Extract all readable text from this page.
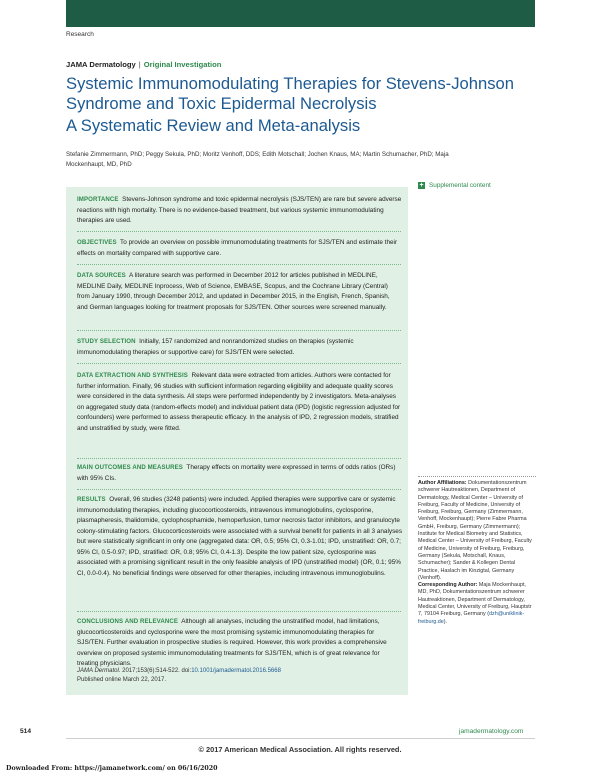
Research
JAMA Dermatology | Original Investigation
Systemic Immunomodulating Therapies for Stevens-Johnson Syndrome and Toxic Epidermal Necrolysis
A Systematic Review and Meta-analysis
Stefanie Zimmermann, PhD; Peggy Sekula, PhD; Moritz Venhoff, DDS; Edith Motschall; Jochen Knaus, MA; Martin Schumacher, PhD; Maja Mockenhaupt, MD, PhD
+ Supplemental content
IMPORTANCE Stevens-Johnson syndrome and toxic epidermal necrolysis (SJS/TEN) are rare but severe adverse reactions with high mortality. There is no evidence-based treatment, but various systemic immunomodulating therapies are used.
OBJECTIVES To provide an overview on possible immunomodulating treatments for SJS/TEN and estimate their effects on mortality compared with supportive care.
DATA SOURCES A literature search was performed in December 2012 for articles published in MEDLINE, MEDLINE Daily, MEDLINE Inprocess, Web of Science, EMBASE, Scopus, and the Cochrane Library (Central) from January 1990, through December 2012, and updated in December 2015, in the English, French, Spanish, and German languages looking for treatment proposals for SJS/TEN. Other sources were screened manually.
STUDY SELECTION Initially, 157 randomized and nonrandomized studies on therapies (systemic immunomodulating therapies or supportive care) for SJS/TEN were selected.
DATA EXTRACTION AND SYNTHESIS Relevant data were extracted from articles. Authors were contacted for further information. Finally, 96 studies with sufficient information regarding eligibility and adequate quality scores were considered in the data synthesis. All steps were performed independently by 2 investigators. Meta-analyses on aggregated study data (random-effects model) and individual patient data (IPD) (logistic regression adjusted for confounders) were performed to assess therapeutic efficacy. In the analysis of IPD, 2 regression models, stratified and unstratified by study, were fitted.
MAIN OUTCOMES AND MEASURES Therapy effects on mortality were expressed in terms of odds ratios (ORs) with 95% CIs.
RESULTS Overall, 96 studies (3248 patients) were included. Applied therapies were supportive care or systemic immunomodulating therapies, including glucocorticosteroids, intravenous immunoglobulins, cyclosporine, plasmapheresis, thalidomide, cyclophosphamide, hemoperfusion, tumor necrosis factor inhibitors, and granulocyte colony-stimulating factors. Glucocorticosteroids were associated with a survival benefit for patients in all 3 analyses but were statistically significant in only one (aggregated data: OR, 0.5; 95% CI, 0.3-1.01; IPD, unstratified: OR, 0.7; 95% CI, 0.5-0.97; IPD, stratified: OR, 0.8; 95% CI, 0.4-1.3). Despite the low patient size, cyclosporine was associated with a promising significant result in the only feasible analysis of IPD (unstratified model) (OR, 0.1; 95% CI, 0.0-0.4). No beneficial findings were observed for other therapies, including intravenous immunoglobulins.
CONCLUSIONS AND RELEVANCE Although all analyses, including the unstratified model, had limitations, glucocorticosteroids and cyclosporine were the most promising systemic immunomodulating therapies for SJS/TEN. Further evaluation in prospective studies is required. However, this work provides a comprehensive overview on proposed systemic immunomodulating treatments for SJS/TEN, which is of great relevance for treating physicians.
JAMA Dermatol. 2017;153(6):514-522. doi:10.1001/jamadermatol.2016.5668
Published online March 22, 2017.
Author Affiliations: Dokumentationszentrum schwerer Hautreaktionen, Department of Dermatology, Medical Center – University of Freiburg, Faculty of Medicine, University of Freiburg, Freiburg, Germany (Zimmermann, Venhoff, Mockenhaupt); Pierre Fabre Pharma GmbH, Freiburg, Germany (Zimmermann); Institute for Medical Biometry and Statistics, Medical Center – University of Freiburg, Faculty of Medicine, University of Freiburg, Freiburg, Germany (Sekula, Motschall, Knaus, Schumacher); Sander & Kollegen Dental Practice, Haslach im Kinzigtal, Germany (Venhoff).
Corresponding Author: Maja Mockenhaupt, MD, PhD, Dokumentationszentrum schwerer Hautreaktionen, Department of Dermatology, Medical Center, University of Freiburg, Hauptstr 7, 79104 Freiburg, Germany (dzh@uniklinik-freiburg.de).
514	jamadermatology.com
© 2017 American Medical Association. All rights reserved.
Downloaded From: https://jamanetwork.com/ on 06/16/2020
